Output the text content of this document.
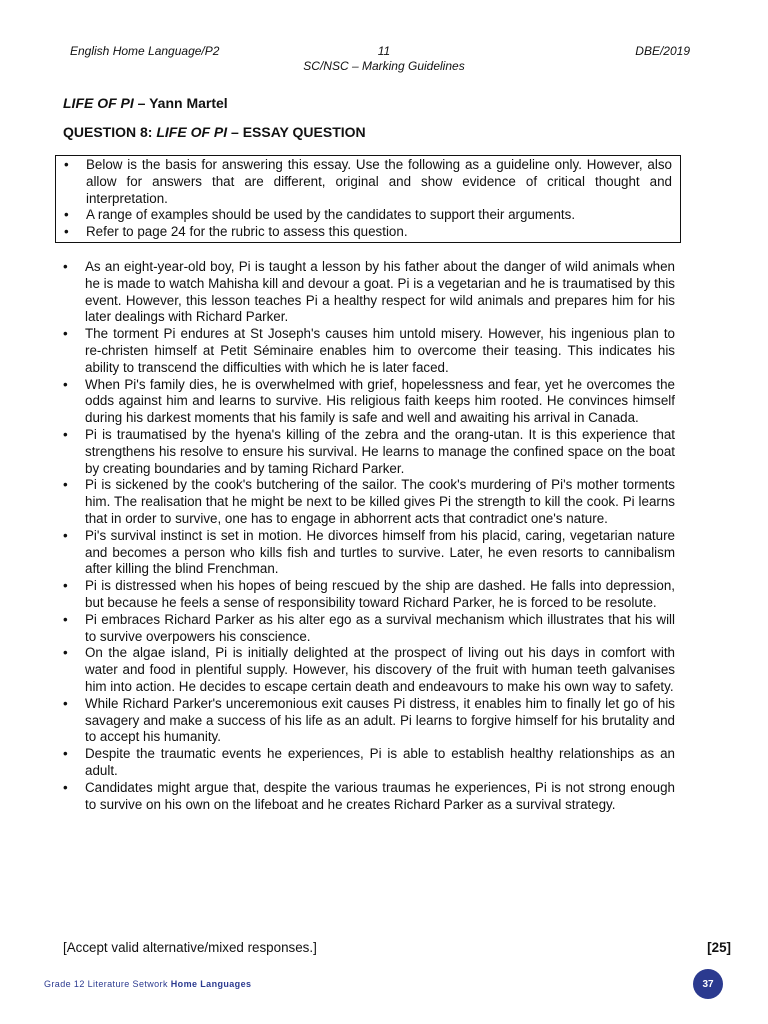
English Home Language/P2	11
SC/NSC – Marking Guidelines
DBE/2019
LIFE OF PI – Yann Martel
QUESTION 8: LIFE OF PI – ESSAY QUESTION
• Below is the basis for answering this essay. Use the following as a guideline only. However, also allow for answers that are different, original and show evidence of critical thought and interpretation.
• A range of examples should be used by the candidates to support their arguments.
• Refer to page 24 for the rubric to assess this question.
• As an eight-year-old boy, Pi is taught a lesson by his father about the danger of wild animals when he is made to watch Mahisha kill and devour a goat. Pi is a vegetarian and he is traumatised by this event. However, this lesson teaches Pi a healthy respect for wild animals and prepares him for his later dealings with Richard Parker.
• The torment Pi endures at St Joseph's causes him untold misery. However, his ingenious plan to re-christen himself at Petit Séminaire enables him to overcome their teasing. This indicates his ability to transcend the difficulties with which he is later faced.
• When Pi's family dies, he is overwhelmed with grief, hopelessness and fear, yet he overcomes the odds against him and learns to survive. His religious faith keeps him rooted. He convinces himself during his darkest moments that his family is safe and well and awaiting his arrival in Canada.
• Pi is traumatised by the hyena's killing of the zebra and the orang-utan. It is this experience that strengthens his resolve to ensure his survival. He learns to manage the confined space on the boat by creating boundaries and by taming Richard Parker.
• Pi is sickened by the cook's butchering of the sailor. The cook's murdering of Pi's mother torments him. The realisation that he might be next to be killed gives Pi the strength to kill the cook. Pi learns that in order to survive, one has to engage in abhorrent acts that contradict one's nature.
• Pi's survival instinct is set in motion. He divorces himself from his placid, caring, vegetarian nature and becomes a person who kills fish and turtles to survive. Later, he even resorts to cannibalism after killing the blind Frenchman.
• Pi is distressed when his hopes of being rescued by the ship are dashed. He falls into depression, but because he feels a sense of responsibility toward Richard Parker, he is forced to be resolute.
• Pi embraces Richard Parker as his alter ego as a survival mechanism which illustrates that his will to survive overpowers his conscience.
• On the algae island, Pi is initially delighted at the prospect of living out his days in comfort with water and food in plentiful supply. However, his discovery of the fruit with human teeth galvanises him into action. He decides to escape certain death and endeavours to make his own way to safety.
• While Richard Parker's unceremonious exit causes Pi distress, it enables him to finally let go of his savagery and make a success of his life as an adult. Pi learns to forgive himself for his brutality and to accept his humanity.
• Despite the traumatic events he experiences, Pi is able to establish healthy relationships as an adult.
• Candidates might argue that, despite the various traumas he experiences, Pi is not strong enough to survive on his own on the lifeboat and he creates Richard Parker as a survival strategy.
[Accept valid alternative/mixed responses.]	[25]
Grade 12 Literature Setwork Home Languages	37
